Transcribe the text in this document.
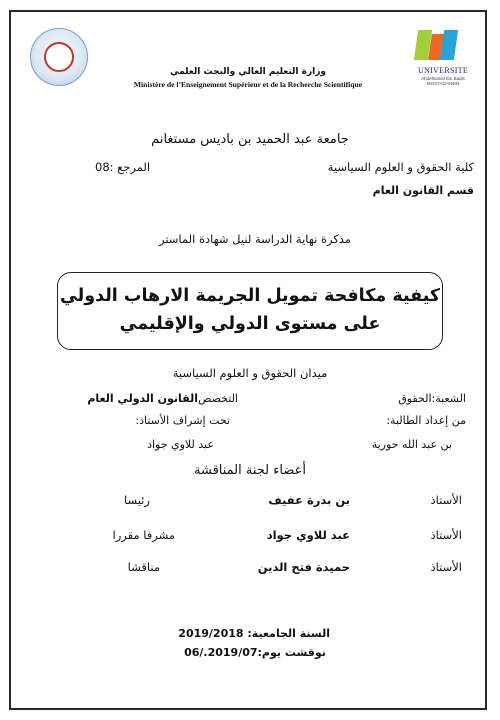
UNIVERSITE
Abdelhamid Ibn Badis MOSTAGANEM
وزارة التعليم العالي والبحث العلمي
Ministère de l’Enseignement Supérieur et de la Recherche Scientifique
جامعة عبد الحميد بن باديس مستغانم
كلية الحقوق و العلوم السياسية
المرجع :08
قسم القانون العام
مذكرة نهاية الدراسة لنيل شهادة الماستر
كيفية مكافحة تمويل الجريمة الارهاب الدولي
على مستوى الدولي والإقليمي
ميدان الحقوق و العلوم السياسية
الشعبة:الحقوق
التخصص:
القانون الدولي العام
من إعداد الطالبة:
تحت إشراف الأستاذ:
بن عبد الله حورية
عبد للاوي جواد
أعضاء لجنة المناقشة
الأستاذ
بن بدرة عفيف
رئيسا
الأستاذ
عبد للاوي جواد
مشرفا مقررا
الأستاذ
حميدة فتح الدين
مناقشا
السنة الجامعية: 2019/2018
نوقشت يوم:2019/07./06
